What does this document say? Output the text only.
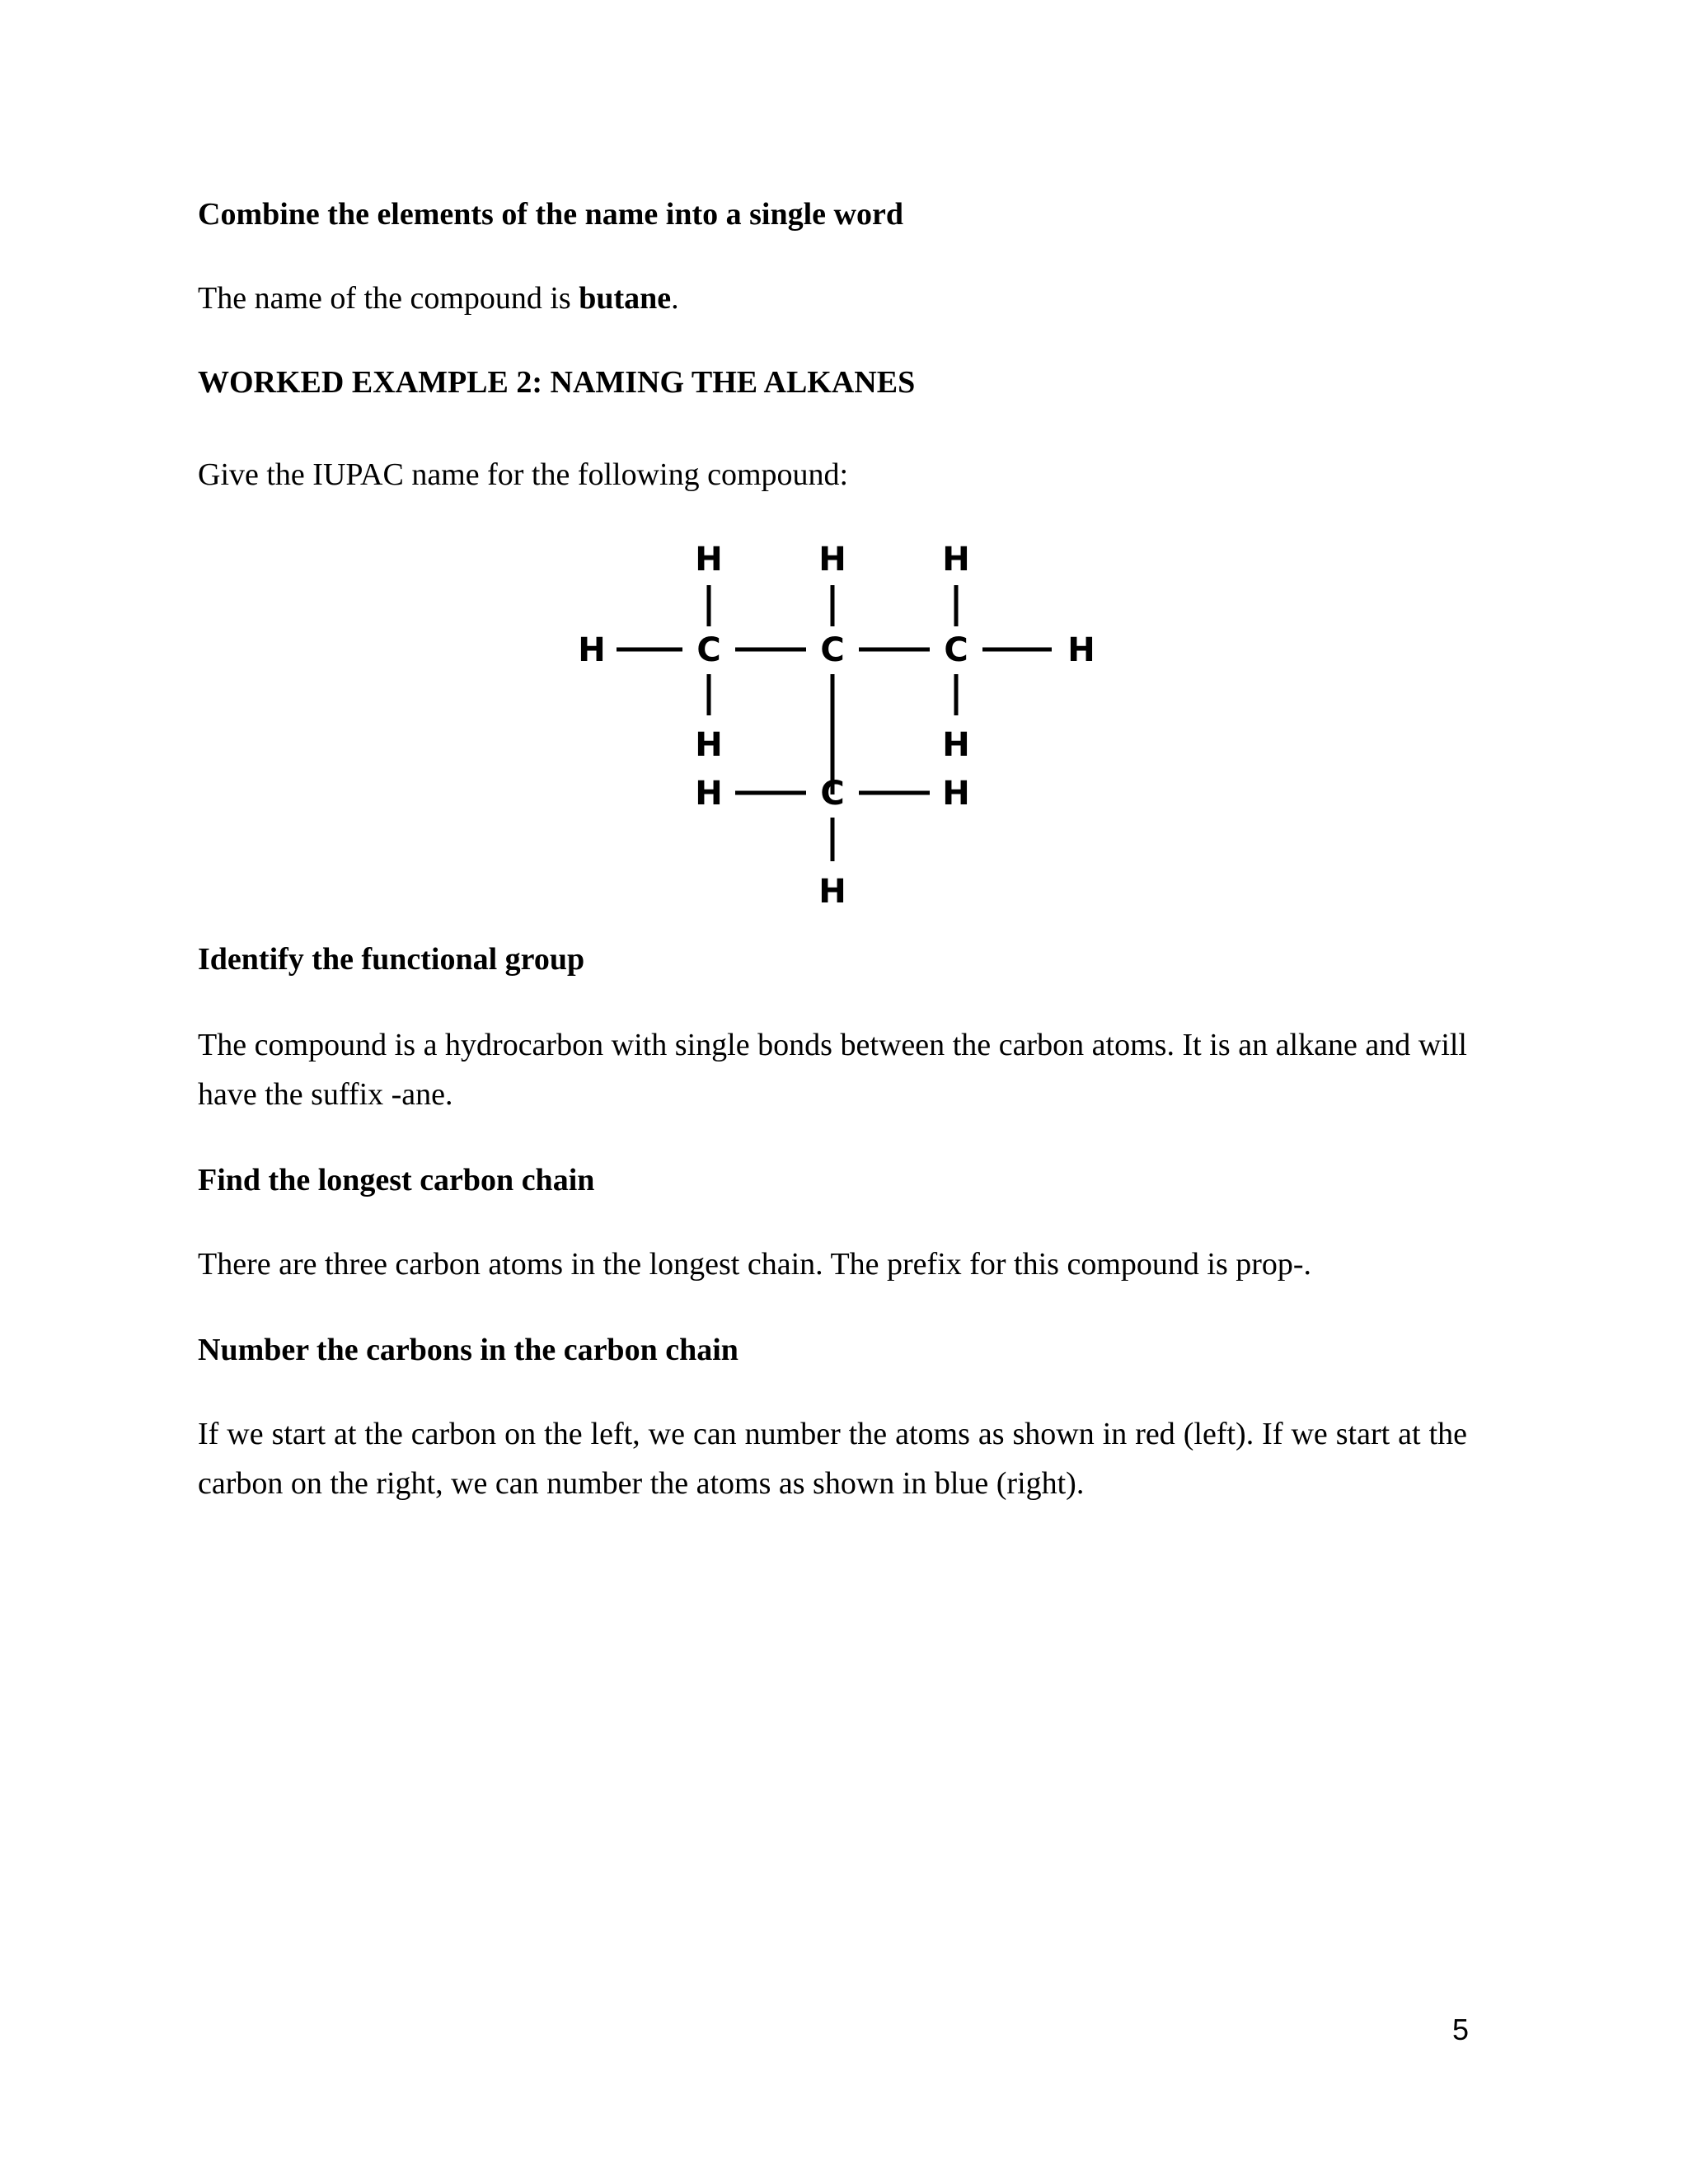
Combine the elements of the name into a single word
The name of the compound is butane.
WORKED EXAMPLE 2: NAMING THE ALKANES
Give the IUPAC name for the following compound:
H	H	H
H	C	C	C	H
H	H
H	C	H
H
Identify the functional group
The compound is a hydrocarbon with single bonds between the carbon atoms. It is an alkane and will have the suffix -ane.
Find the longest carbon chain
There are three carbon atoms in the longest chain. The prefix for this compound is prop-.
Number the carbons in the carbon chain
If we start at the carbon on the left, we can number the atoms as shown in red (left). If we start at the carbon on the right, we can number the atoms as shown in blue (right).
5
